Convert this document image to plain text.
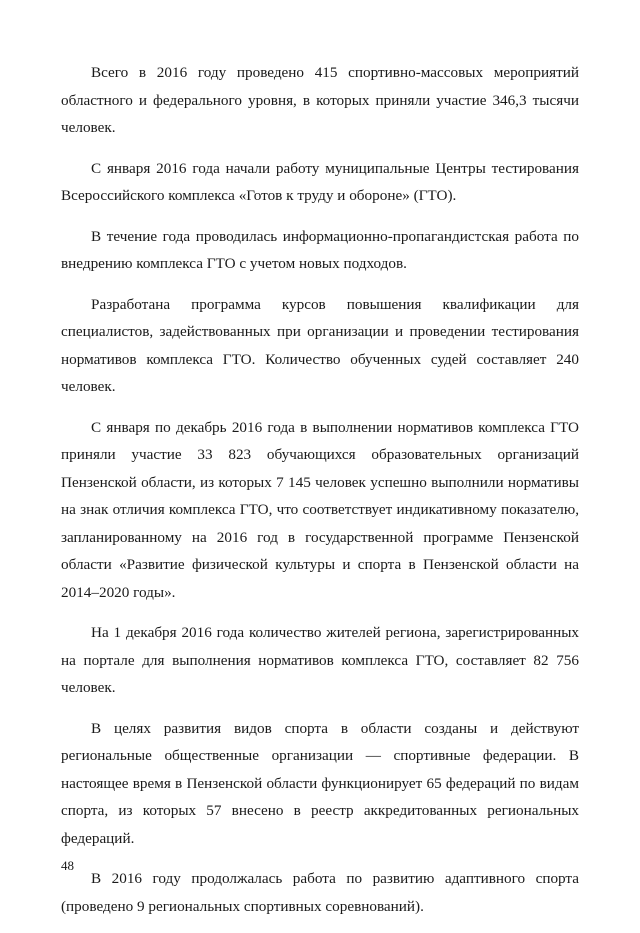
Всего в 2016 году проведено 415 спортивно-массовых мероприятий областного и федерального уровня, в которых приняли участие 346,3 тысячи человек.

С января 2016 года начали работу муниципальные Центры тестирования Всероссийского комплекса «Готов к труду и обороне» (ГТО).

В течение года проводилась информационно-пропагандистская работа по внедрению комплекса ГТО с учетом новых подходов.

Разработана программа курсов повышения квалификации для специалистов, задействованных при организации и проведении тестирования нормативов комплекса ГТО. Количество обученных судей составляет 240 человек.

С января по декабрь 2016 года в выполнении нормативов комплекса ГТО приняли участие 33 823 обучающихся образовательных организаций Пензенской области, из которых 7 145 человек успешно выполнили нормативы на знак отличия комплекса ГТО, что соответствует индикативному показателю, запланированному на 2016 год в государственной программе Пензенской области «Развитие физической культуры и спорта в Пензенской области на 2014–2020 годы».

На 1 декабря 2016 года количество жителей региона, зарегистрированных на портале для выполнения нормативов комплекса ГТО, составляет 82 756 человек.

В целях развития видов спорта в области созданы и действуют региональные общественные организации — спортивные федерации. В настоящее время в Пензенской области функционирует 65 федераций по видам спорта, из которых 57 внесено в реестр аккредитованных региональных федераций.

В 2016 году продолжалась работа по развитию адаптивного спорта (проведено 9 региональных спортивных соревнований).

48
